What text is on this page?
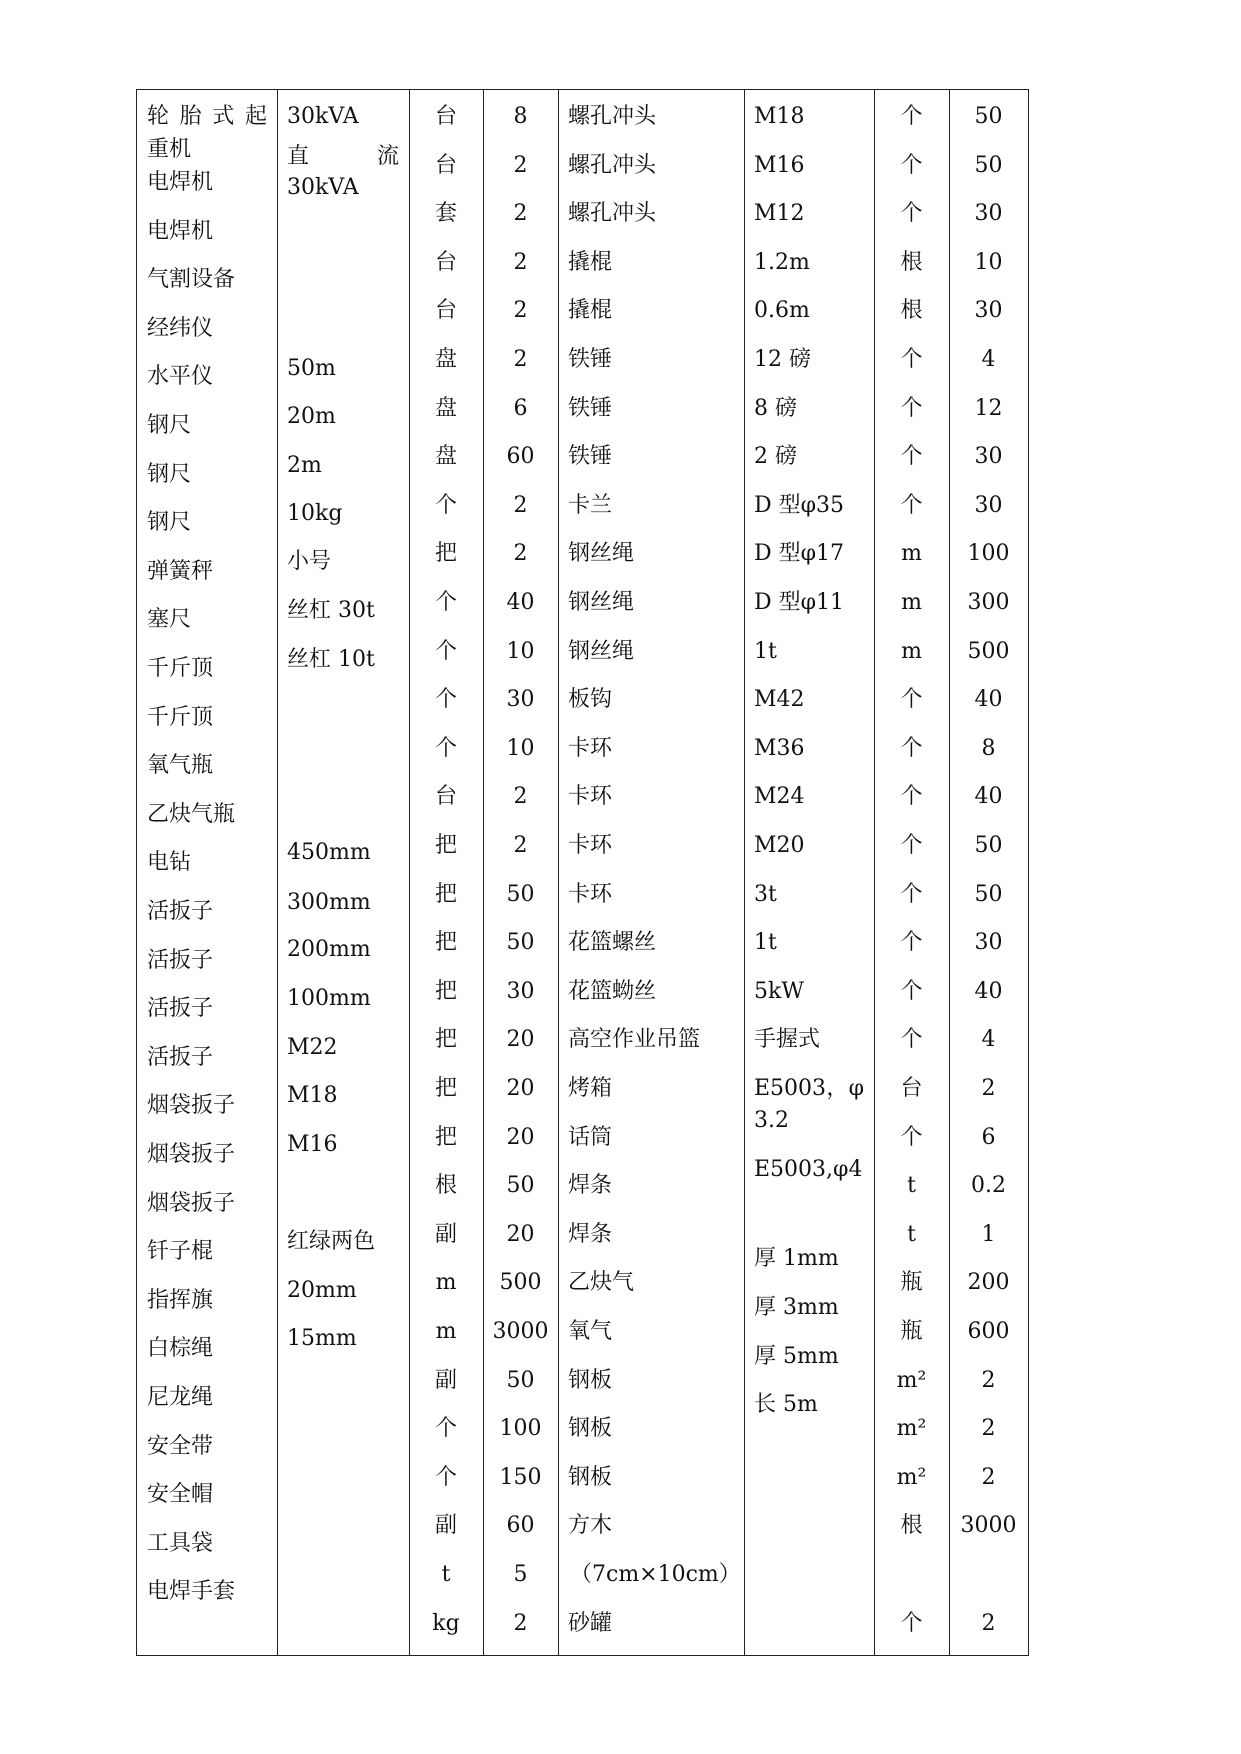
轮胎式起
重机
电焊机
电焊机
气割设备
经纬仪
水平仪
钢尺
钢尺
钢尺
弹簧秤
塞尺
千斤顶
千斤顶
氧气瓶
乙炔气瓶
电钻
活扳子
活扳子
活扳子
活扳子
烟袋扳子
烟袋扳子
烟袋扳子
钎子棍
指挥旗
白棕绳
尼龙绳
安全带
安全帽
工具袋
电焊手套
30kVA
直　流
30kVA
50m
20m
2m
10kg
小号
丝杠 30t
丝杠 10t
450mm
300mm
200mm
100mm
M22
M18
M16
红绿两色
20mm
15mm
台
台
套
台
台
盘
盘
盘
个
把
个
个
个
个
台
把
把
把
把
把
把
把
根
副
m
m
副
个
个
副
t
kg
8
2
2
2
2
2
6
60
2
2
40
10
30
10
2
2
50
50
30
20
20
20
50
20
500
3000
50
100
150
60
5
2
螺孔冲头
螺孔冲头
螺孔冲头
撬棍
撬棍
铁锤
铁锤
铁锤
卡兰
钢丝绳
钢丝绳
钢丝绳
板钩
卡环
卡环
卡环
卡环
花篮螺丝
花篮蚴丝
高空作业吊篮
烤箱
话筒
焊条
焊条
乙炔气
氧气
钢板
钢板
钢板
方木
（7cm×10cm）
砂罐
M18
M16
M12
1.2m
0.6m
12 磅
8 磅
2 磅
D 型φ35
D 型φ17
D 型φ11
1t
M42
M36
M24
M20
3t
1t
5kW
手握式
E5003，φ
3.2
E5003,φ4
厚 1mm
厚 3mm
厚 5mm
长 5m
个
个
个
根
根
个
个
个
个
m
m
m
个
个
个
个
个
个
个
个
台
个
t
t
瓶
瓶
m²
m²
m²
根
个
50
50
30
10
30
4
12
30
30
100
300
500
40
8
40
50
50
30
40
4
2
6
0.2
1
200
600
2
2
2
3000
2
